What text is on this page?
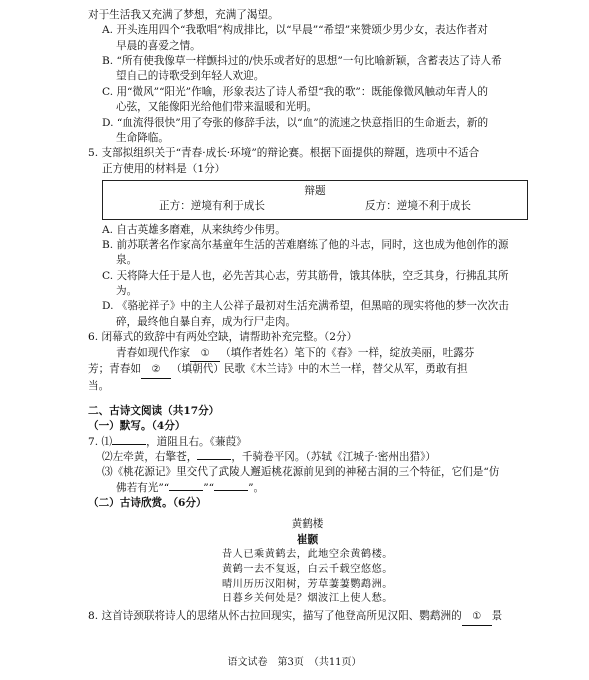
对于生活我又充满了梦想，充满了渴望。
A. 开头连用四个“我歌唱”构成排比，以“早晨”“希望”来赞颂少男少女，表达作者对
早晨的喜爱之情。
B. “所有使我像草一样颤抖过的/快乐或者好的思想”一句比喻新颖，含蓄表达了诗人希
望自己的诗歌受到年轻人欢迎。
C. 用“微风”“阳光”作喻，形象表达了诗人希望“我的歌”：既能像微风触动年青人的
心弦，又能像阳光给他们带来温暖和光明。
D. “血流得很快”用了夸张的修辞手法，以“血”的流速之快意指旧的生命逝去，新的
生命降临。
5. 支部拟组织关于“青春·成长·环境”的辩论赛。根据下面提供的辩题，选项中不适合
正方使用的材料是（1分）
辩题
正方：逆境有利于成长	反方：逆境不利于成长
A. 自古英雄多磨难，从来纨绔少伟男。
B. 前苏联著名作家高尔基童年生活的苦难磨练了他的斗志，同时，这也成为他创作的源
泉。
C. 天将降大任于是人也，必先苦其心志，劳其筋骨，饿其体肤，空乏其身，行拂乱其所
为。
D. 《骆驼祥子》中的主人公祥子最初对生活充满希望，但黑暗的现实将他的梦一次次击
碎，最终他自暴自弃，成为行尸走肉。
6. 闭幕式的致辞中有两处空缺，请帮助补充完整。（2分）
青春如现代作家 ① （填作者姓名）笔下的《春》一样，绽放美丽，吐露芬
芳；青春如 ② （填朝代）民歌《木兰诗》中的木兰一样，替父从军，勇敢有担
当。
二、古诗文阅读（共17分）
（一）默写。（4分）
7. ⑴	，道阻且右。《蒹葭》
⑵左牵黄，右擎苍，	，千骑卷平冈。（苏轼《江城子·密州出猎》）
⑶《桃花源记》里交代了武陵人邂逅桃花源前见到的神秘古洞的三个特征，它们是“仿
佛若有光”“	”“	”。
（二）古诗欣赏。（6分）
黄鹤楼
崔颢
昔人已乘黄鹤去，此地空余黄鹤楼。
黄鹤一去不复返，白云千载空悠悠。
晴川历历汉阳树，芳草萋萋鹦鹉洲。
日暮乡关何处是？烟波江上使人愁。
8. 这首诗颈联将诗人的思绪从怀古拉回现实，描写了他登高所见汉阳、鹦鹉洲的 ① 景
语文试卷　第3页　（共11页）
